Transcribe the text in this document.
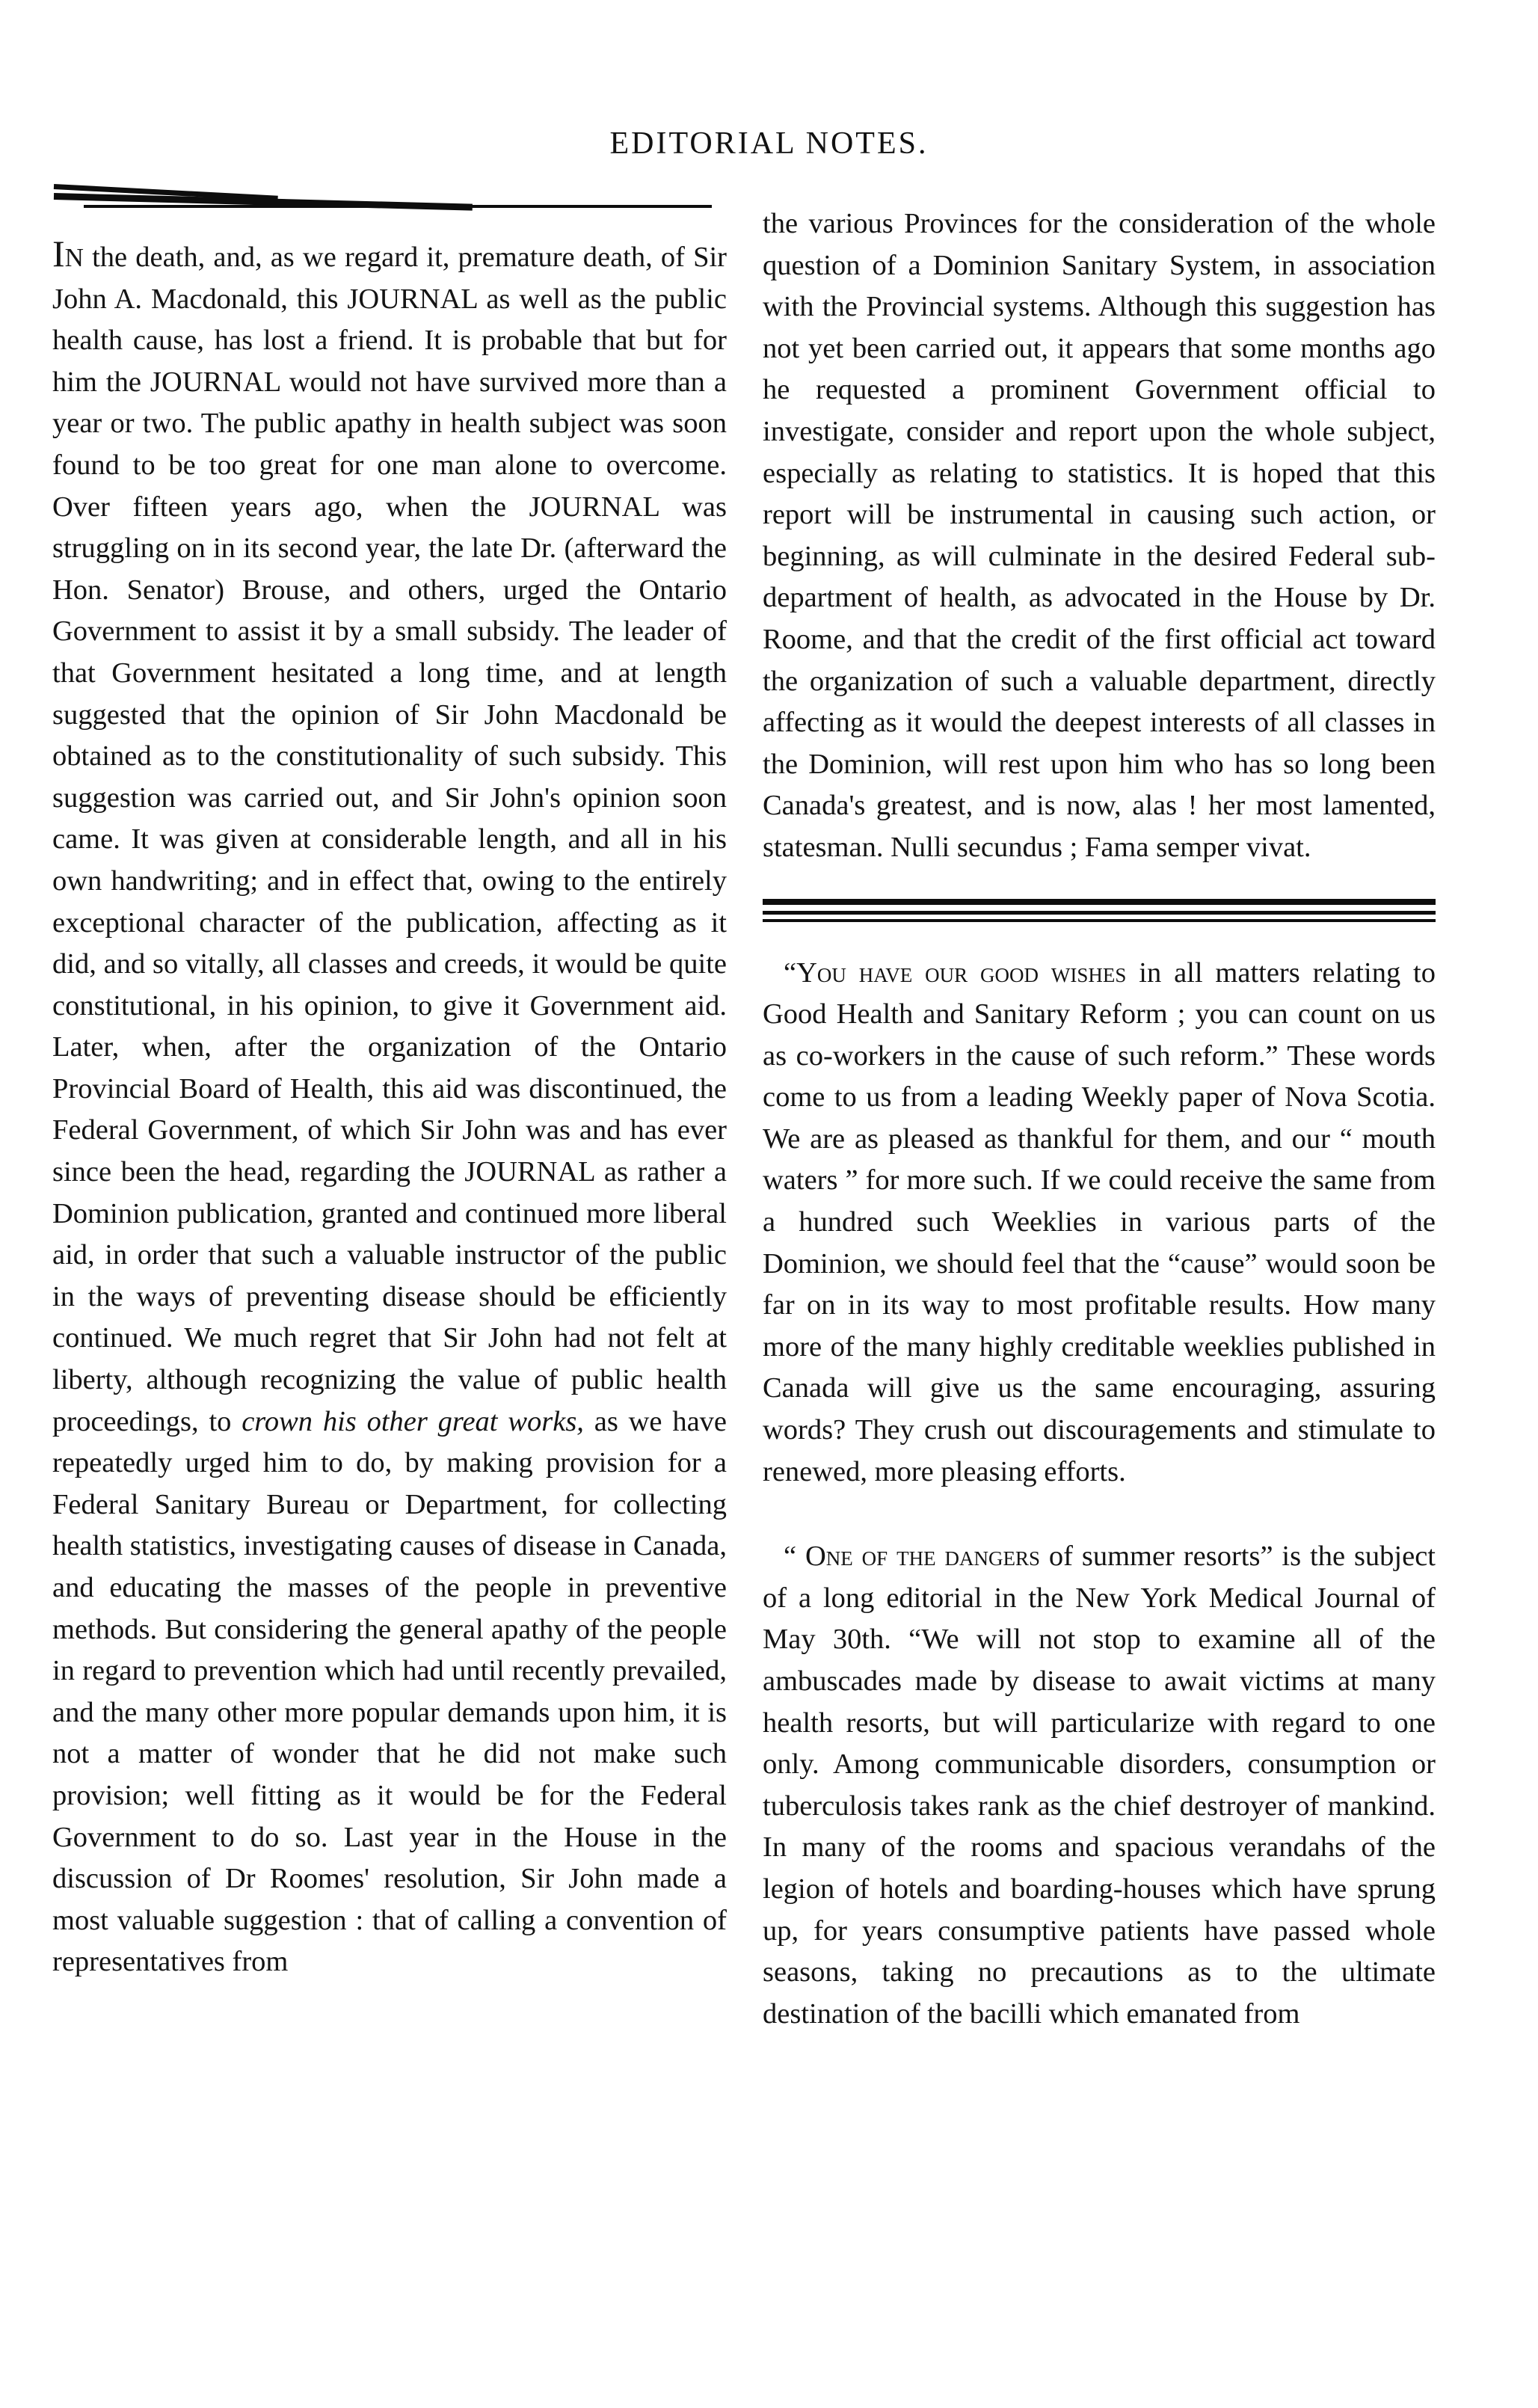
EDITORIAL NOTES.

In the death, and, as we regard it, premature death, of Sir John A. Macdonald, this JOURNAL as well as the public health cause, has lost a friend. It is probable that but for him the JOURNAL would not have survived more than a year or two. The public apathy in health subject was soon found to be too great for one man alone to overcome. Over fifteen years ago, when the JOURNAL was struggling on in its second year, the late Dr. (afterward the Hon. Senator) Brouse, and others, urged the Ontario Government to assist it by a small subsidy. The leader of that Government hesitated a long time, and at length suggested that the opinion of Sir John Macdonald be obtained as to the constitutionality of such subsidy. This suggestion was carried out, and Sir John's opinion soon came. It was given at considerable length, and all in his own handwriting; and in effect that, owing to the entirely exceptional character of the publication, affecting as it did, and so vitally, all classes and creeds, it would be quite constitutional, in his opinion, to give it Government aid. Later, when, after the organization of the Ontario Provincial Board of Health, this aid was discontinued, the Federal Government, of which Sir John was and has ever since been the head, regarding the JOURNAL as rather a Dominion publication, granted and continued more liberal aid, in order that such a valuable instructor of the public in the ways of preventing disease should be efficiently continued. We much regret that Sir John had not felt at liberty, although recognizing the value of public health proceedings, to crown his other great works, as we have repeatedly urged him to do, by making provision for a Federal Sanitary Bureau or Department, for collecting health statistics, investigating causes of disease in Canada, and educating the masses of the people in preventive methods. But considering the general apathy of the people in regard to prevention which had until recently prevailed, and the many other more popular demands upon him, it is not a matter of wonder that he did not make such provision; well fitting as it would be for the Federal Government to do so. Last year in the House in the discussion of Dr Roomes' resolution, Sir John made a most valuable suggestion : that of calling a convention of representatives from

the various Provinces for the consideration of the whole question of a Dominion Sanitary System, in association with the Provincial systems. Although this suggestion has not yet been carried out, it appears that some months ago he requested a prominent Government official to investigate, consider and report upon the whole subject, especially as relating to statistics. It is hoped that this report will be instrumental in causing such action, or beginning, as will culminate in the desired Federal sub-department of health, as advocated in the House by Dr. Roome, and that the credit of the first official act toward the organization of such a valuable department, directly affecting as it would the deepest interests of all classes in the Dominion, will rest upon him who has so long been Canada's greatest, and is now, alas ! her most lamented, statesman. Nulli secundus ; Fama semper vivat.

“You have our good wishes in all matters relating to Good Health and Sanitary Reform ; you can count on us as co-workers in the cause of such reform.” These words come to us from a leading Weekly paper of Nova Scotia. We are as pleased as thankful for them, and our “ mouth waters ” for more such. If we could receive the same from a hundred such Weeklies in various parts of the Dominion, we should feel that the “cause” would soon be far on in its way to most profitable results. How many more of the many highly creditable weeklies published in Canada will give us the same encouraging, assuring words? They crush out discouragements and stimulate to renewed, more pleasing efforts.

“ One of the dangers of summer resorts” is the subject of a long editorial in the New York Medical Journal of May 30th. “We will not stop to examine all of the ambuscades made by disease to await victims at many health resorts, but will particularize with regard to one only. Among communicable disorders, consumption or tuberculosis takes rank as the chief destroyer of mankind. In many of the rooms and spacious verandahs of the legion of hotels and boarding-houses which have sprung up, for years consumptive patients have passed whole seasons, taking no precautions as to the ultimate destination of the bacilli which emanated from
